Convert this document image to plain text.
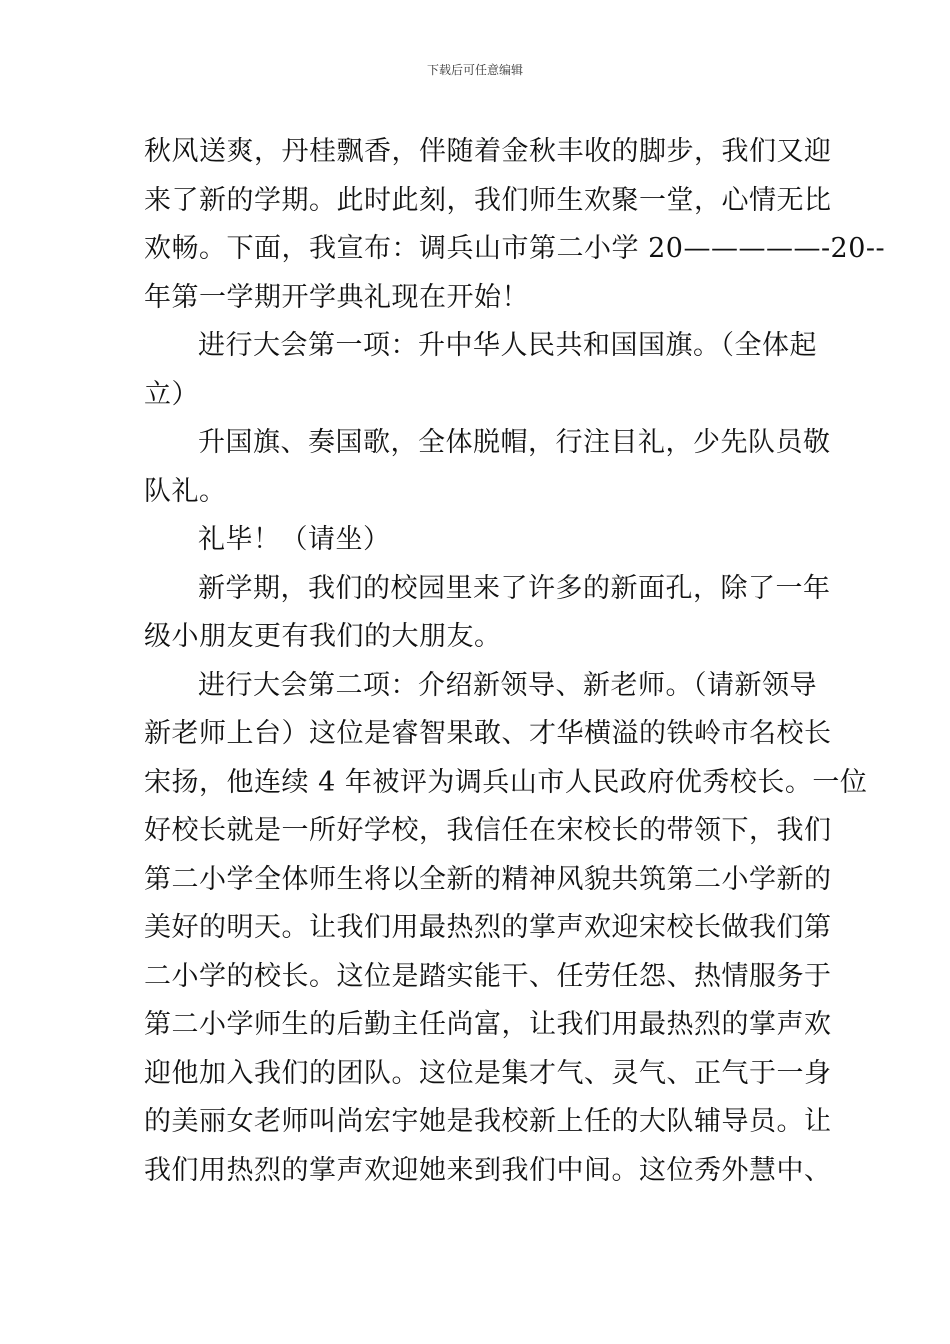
下载后可任意编辑
秋风送爽，丹桂飘香，伴随着金秋丰收的脚步，我们又迎
来了新的学期。此时此刻，我们师生欢聚一堂，心情无比
欢畅。下面，我宣布：调兵山市第二小学 20—————-20--
年第一学期开学典礼现在开始！
进行大会第一项：升中华人民共和国国旗。（全体起
立）
升国旗、奏国歌，全体脱帽，行注目礼，少先队员敬
队礼。
礼毕！（请坐）
新学期，我们的校园里来了许多的新面孔，除了一年
级小朋友更有我们的大朋友。
进行大会第二项：介绍新领导、新老师。（请新领导
新老师上台）这位是睿智果敢、才华横溢的铁岭市名校长
宋扬，他连续 4 年被评为调兵山市人民政府优秀校长。一位
好校长就是一所好学校，我信任在宋校长的带领下，我们
第二小学全体师生将以全新的精神风貌共筑第二小学新的
美好的明天。让我们用最热烈的掌声欢迎宋校长做我们第
二小学的校长。这位是踏实能干、任劳任怨、热情服务于
第二小学师生的后勤主任尚富，让我们用最热烈的掌声欢
迎他加入我们的团队。这位是集才气、灵气、正气于一身
的美丽女老师叫尚宏宇她是我校新上任的大队辅导员。让
我们用热烈的掌声欢迎她来到我们中间。这位秀外慧中、
